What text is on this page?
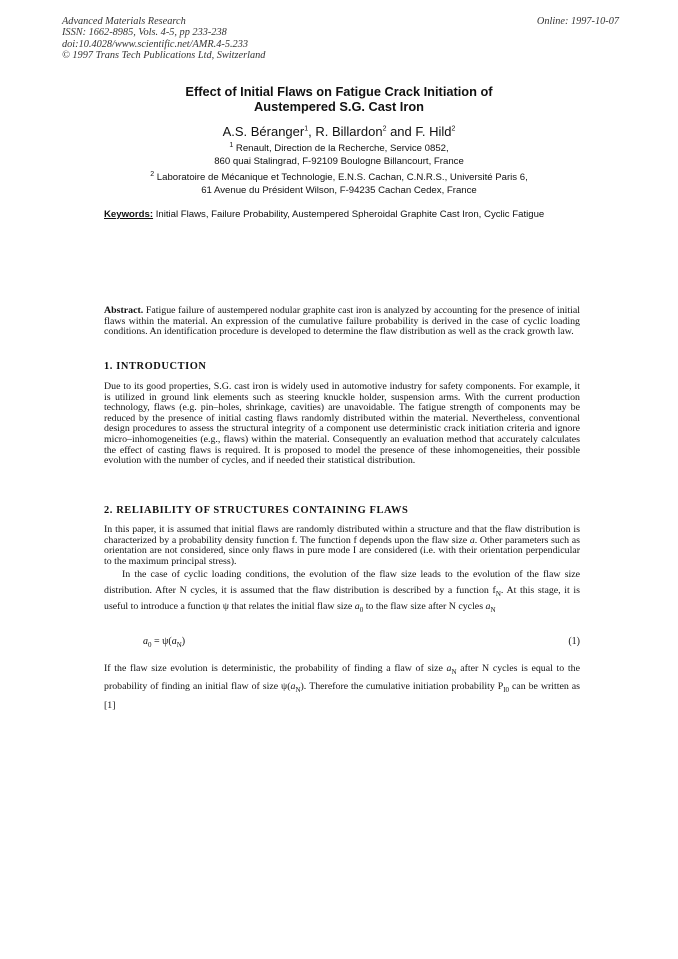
Advanced Materials Research
ISSN: 1662-8985, Vols. 4-5, pp 233-238
doi:10.4028/www.scientific.net/AMR.4-5.233
© 1997 Trans Tech Publications Ltd, Switzerland
Online: 1997-10-07
Effect of Initial Flaws on Fatigue Crack Initiation of
Austempered S.G. Cast Iron
A.S. Béranger$^1$, R. Billardon$^2$ and F. Hild$^2$
$^1$ Renault, Direction de la Recherche, Service 0852,
860 quai Stalingrad, F-92109 Boulogne Billancourt, France
$^2$ Laboratoire de Mécanique et Technologie, E.N.S. Cachan, C.N.R.S., Université Paris 6,
61 Avenue du Président Wilson, F-94235 Cachan Cedex, France
Keywords: Initial Flaws, Failure Probability, Austempered Spheroidal Graphite Cast Iron, Cyclic Fatigue
Abstract. Fatigue failure of austempered nodular graphite cast iron is analyzed by accounting for the presence of initial flaws within the material. An expression of the cumulative failure probability is derived in the case of cyclic loading conditions. An identification procedure is developed to determine the flaw distribution as well as the crack growth law.
1. INTRODUCTION
Due to its good properties, S.G. cast iron is widely used in automotive industry for safety components. For example, it is utilized in ground link elements such as steering knuckle holder, suspension arms. With the current production technology, flaws (e.g. pin–holes, shrinkage, cavities) are unavoidable. The fatigue strength of components may be reduced by the presence of initial casting flaws randomly distributed within the material. Nevertheless, conventional design procedures to assess the structural integrity of a component use deterministic crack initiation criteria and ignore micro–inhomogeneities (e.g., flaws) within the material. Consequently an evaluation method that accurately calculates the effect of casting flaws is required. It is proposed to model the presence of these inhomogeneities, their possible evolution with the number of cycles, and if needed their statistical distribution.
2. RELIABILITY OF STRUCTURES CONTAINING FLAWS
In this paper, it is assumed that initial flaws are randomly distributed within a structure and that the flaw distribution is characterized by a probability density function f. The function f depends upon the flaw size a. Other parameters such as orientation are not considered, since only flaws in pure mode I are considered (i.e. with their orientation perpendicular to the maximum principal stress).
In the case of cyclic loading conditions, the evolution of the flaw size leads to the evolution of the flaw size distribution. After N cycles, it is assumed that the flaw distribution is described by a function $f_N$. At this stage, it is useful to introduce a function ψ that relates the initial flaw size $a_0$ to the flaw size after N cycles $a_N$
$a_0 = \psi(a_N)$	(1)
If the flaw size evolution is deterministic, the probability of finding a flaw of size $a_N$ after N cycles is equal to the probability of finding an initial flaw of size $\psi(a_N)$. Therefore the cumulative initiation probability $P_{I0}$ can be written as [1]
